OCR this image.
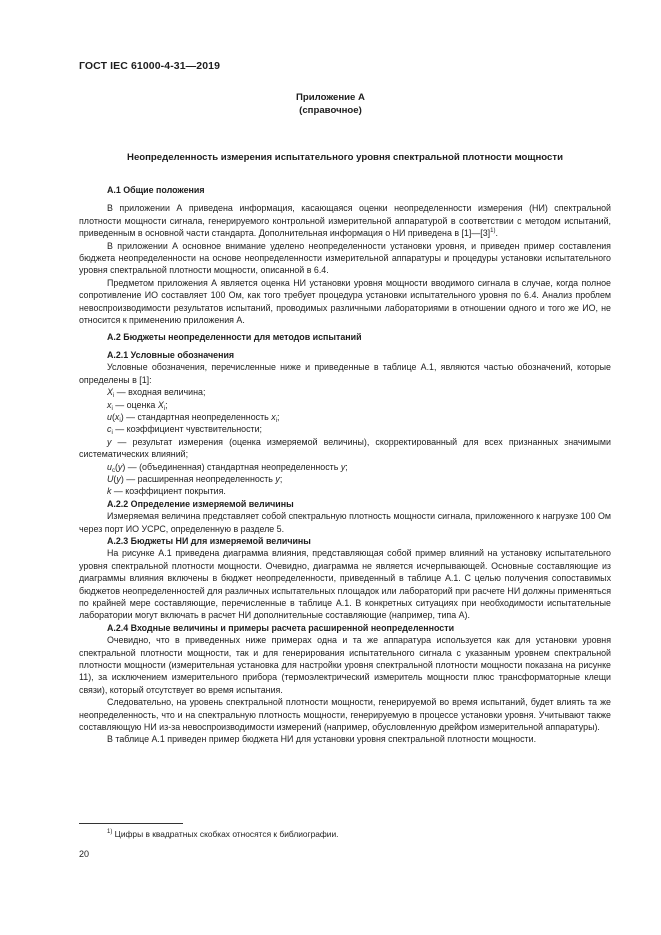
ГОСТ IEC 61000-4-31—2019
Приложение А
(справочное)
Неопределенность измерения испытательного уровня спектральной плотности мощности
А.1 Общие положения

В приложении А приведена информация, касающаяся оценки неопределенности измерения (НИ) спектральной плотности мощности сигнала, генерируемого контрольной измерительной аппаратурой в соответствии с методом испытаний, приведенным в основной части стандарта. Дополнительная информация о НИ приведена в $[1]—[3]^{1)}$.

В приложении А основное внимание уделено неопределенности установки уровня, и приведен пример составления бюджета неопределенности на основе неопределенности измерительной аппаратуры и процедуры установки испытательного уровня спектральной плотности мощности, описанной в 6.4.

Предметом приложения А является оценка НИ установки уровня мощности вводимого сигнала в случае, когда полное сопротивление ИО составляет 100 Ом, как того требует процедура установки испытательного уровня по 6.4. Анализ проблем невоспроизводимости результатов испытаний, проводимых различными лабораториями в отношении одного и того же ИО, не относится к применению приложения А.

А.2 Бюджеты неопределенности для методов испытаний
А.2.1 Условные обозначения

Условные обозначения, перечисленные ниже и приведенные в таблице А.1, являются частью обозначений, которые определены в [1]:

$X_i$ — входная величина;
$x_i$ — оценка $X_i$;
$u(x_i)$ — стандартная неопределенность $x_i$;
$c_i$ — коэффициент чувствительности;

y — результат измерения (оценка измеряемой величины), скорректированный для всех признанных значимыми систематических влияний;

$u_c(y)$ — (объединенная) стандартная неопределенность y;
U(y) — расширенная неопределенность y;
k — коэффициент покрытия.
А.2.2 Определение измеряемой величины

Измеряемая величина представляет собой спектральную плотность мощности сигнала, приложенного к нагрузке 100 Ом через порт ИО УСРС, определенную в разделе 5.

А.2.3 Бюджеты НИ для измеряемой величины

На рисунке А.1 приведена диаграмма влияния, представляющая собой пример влияний на установку испытательного уровня спектральной плотности мощности. Очевидно, диаграмма не является исчерпывающей. Основные составляющие из диаграммы влияния включены в бюджет неопределенности, приведенный в таблице А.1. С целью получения сопоставимых бюджетов неопределенностей для различных испытательных площадок или лабораторий при расчете НИ должны применяться по крайней мере составляющие, перечисленные в таблице А.1. В конкретных ситуациях при необходимости испытательные лаборатории могут включать в расчет НИ дополнительные составляющие (например, типа А).

А.2.4 Входные величины и примеры расчета расширенной неопределенности

Очевидно, что в приведенных ниже примерах одна и та же аппаратура используется как для установки уровня спектральной плотности мощности, так и для генерирования испытательного сигнала с указанным уровнем спектральной плотности мощности (измерительная установка для настройки уровня спектральной плотности мощности показана на рисунке 11), за исключением измерительного прибора (термоэлектрический измеритель мощности плюс трансформаторные клещи связи), который отсутствует во время испытания.

Следовательно, на уровень спектральной плотности мощности, генерируемой во время испытаний, будет влиять та же неопределенность, что и на спектральную плотность мощности, генерируемую в процессе установки уровня. Учитывают также составляющую НИ из-за невоспроизводимости измерений (например, обусловленную дрейфом измерительной аппаратуры).

В таблице А.1 приведен пример бюджета НИ для установки уровня спектральной плотности мощности.

$^{1)}$ Цифры в квадратных скобках относятся к библиографии.
20
